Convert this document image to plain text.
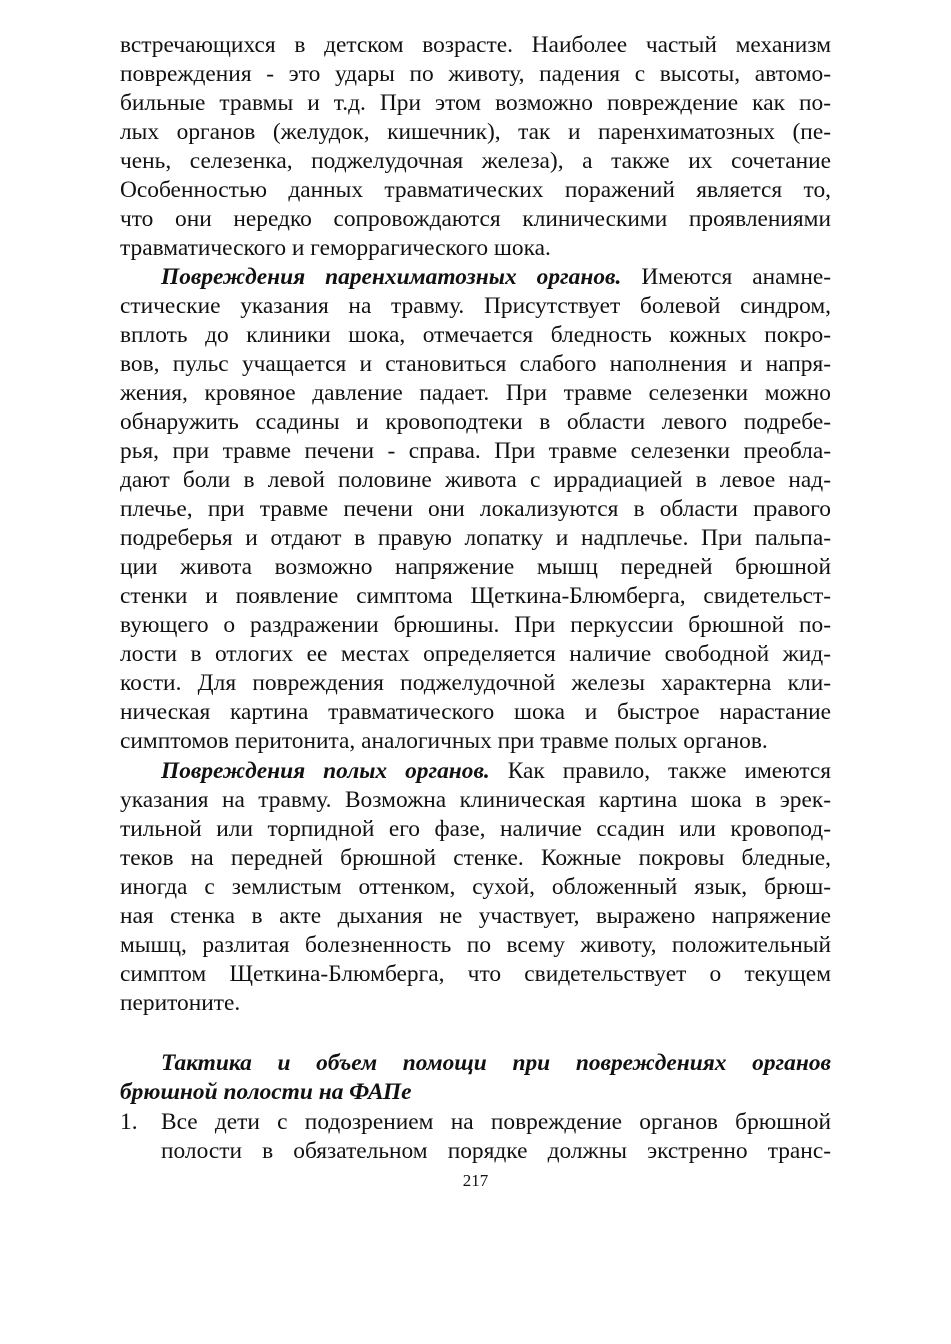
встречающихся в детском возрасте. Наиболее частый механизм
повреждения - это удары по животу, падения с высоты, автомо-
бильные травмы и т.д. При этом возможно повреждение как по-
лых органов (желудок, кишечник), так и паренхиматозных (пе-
чень, селезенка, поджелудочная железа), а также их сочетание
Особенностью данных травматических поражений является то,
что они нередко сопровождаются клиническими проявлениями
травматического и геморрагического шока.
Повреждения паренхиматозных органов. Имеются анамне-
стические указания на травму. Присутствует болевой синдром,
вплоть до клиники шока, отмечается бледность кожных покро-
вов, пульс учащается и становиться слабого наполнения и напря-
жения, кровяное давление падает. При травме селезенки можно
обнаружить ссадины и кровоподтеки в области левого подребе-
рья, при травме печени - справа. При травме селезенки преобла-
дают боли в левой половине живота с иррадиацией в левое над-
плечье, при травме печени они локализуются в области правого
подреберья и отдают в правую лопатку и надплечье. При пальпа-
ции живота возможно напряжение мышц передней брюшной
стенки и появление симптома Щеткина-Блюмберга, свидетельст-
вующего о раздражении брюшины. При перкуссии брюшной по-
лости в отлогих ее местах определяется наличие свободной жид-
кости. Для повреждения поджелудочной железы характерна кли-
ническая картина травматического шока и быстрое нарастание
симптомов перитонита, аналогичных при травме полых органов.
Повреждения полых органов. Как правило, также имеются
указания на травму. Возможна клиническая картина шока в эрек-
тильной или торпидной его фазе, наличие ссадин или кровопод-
теков на передней брюшной стенке. Кожные покровы бледные,
иногда с землистым оттенком, сухой, обложенный язык, брюш-
ная стенка в акте дыхания не участвует, выражено напряжение
мышц, разлитая болезненность по всему животу, положительный
симптом Щеткина-Блюмберга, что свидетельствует о текущем
перитоните.
Тактика и объем помощи при повреждениях органов
брюшной полости на ФАПе
1. Все дети с подозрением на повреждение органов брюшной
полости в обязательном порядке должны экстренно транс-
217
